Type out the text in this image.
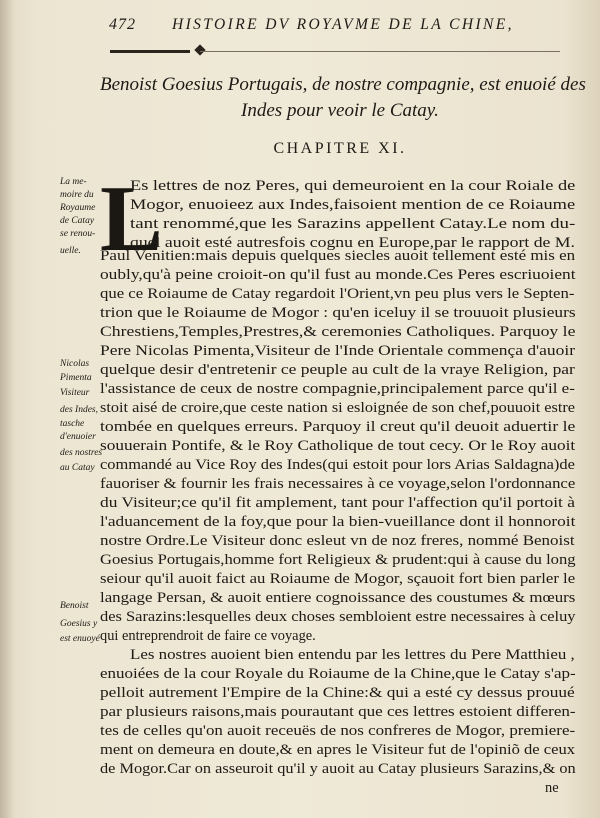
472 HISTOIRE DV ROYAVME DE LA CHINE,
Benoist Goesius Portugais, de nostre compagnie, est enuoié des
Indes pour veoir le Catay.
CHAPITRE XI.
L
La me-
moire du
Royaume
de Catay
se renou-
uelle.
Nicolas
Pimenta
Visiteur
des Indes,
tasche
d'enuoier
des nostres
au Catay
Benoist
Goesius y
est enuoyé
Es lettres de noz Peres, qui demeuroient en la cour Roiale de
Mogor, enuoieez aux Indes,faisoient mention de ce Roiaume
tant renommé,que les Sarazins appellent Catay.Le nom du-
quel auoit esté autresfois cognu en Europe,par le rapport de M.
Paul Venitien:mais depuis quelques siecles auoit tellement esté mis en
oubly,qu'à peine croioit-on qu'il fust au monde.Ces Peres escriuoient
que ce Roiaume de Catay regardoit l'Orient,vn peu plus vers le Septen-
trion que le Roiaume de Mogor : qu'en iceluy il se trouuoit plusieurs
Chrestiens,Temples,Prestres,& ceremonies Catholiques. Parquoy le
Pere Nicolas Pimenta,Visiteur de l'Inde Orientale commença d'auoir
quelque desir d'entretenir ce peuple au cult de la vraye Religion, par
l'assistance de ceux de nostre compagnie,principalement parce qu'il e-
stoit aisé de croire,que ceste nation si esloignée de son chef,pouuoit estre
tombée en quelques erreurs. Parquoy il creut qu'il deuoit aduertir le
souuerain Pontife, & le Roy Catholique de tout cecy. Or le Roy auoit
commandé au Vice Roy des Indes(qui estoit pour lors Arias Saldagna)de
fauoriser & fournir les frais necessaires à ce voyage,selon l'ordonnance
du Visiteur;ce qu'il fit amplement, tant pour l'affection qu'il portoit à
l'aduancement de la foy,que pour la bien-vueillance dont il honnoroit
nostre Ordre.Le Visiteur donc esleut vn de noz freres, nommé Benoist
Goesius Portugais,homme fort Religieux & prudent:qui à cause du long
seiour qu'il auoit faict au Roiaume de Mogor, sçauoit fort bien parler le
langage Persan, & auoit entiere cognoissance des coustumes & mœurs
des Sarazins:lesquelles deux choses sembloient estre necessaires à celuy
qui entreprendroit de faire ce voyage.
Les nostres auoient bien entendu par les lettres du Pere Matthieu ,
enuoiées de la cour Royale du Roiaume de la Chine,que le Catay s'ap-
pelloit autrement l'Empire de la Chine:& qui a esté cy dessus prouué
par plusieurs raisons,mais pourautant que ces lettres estoient differen-
tes de celles qu'on auoit receuës de nos confreres de Mogor, premiere-
ment on demeura en doute,& en apres le Visiteur fut de l'opiniõ de ceux
de Mogor.Car on asseuroit qu'il y auoit au Catay plusieurs Sarazins,& on
ne
